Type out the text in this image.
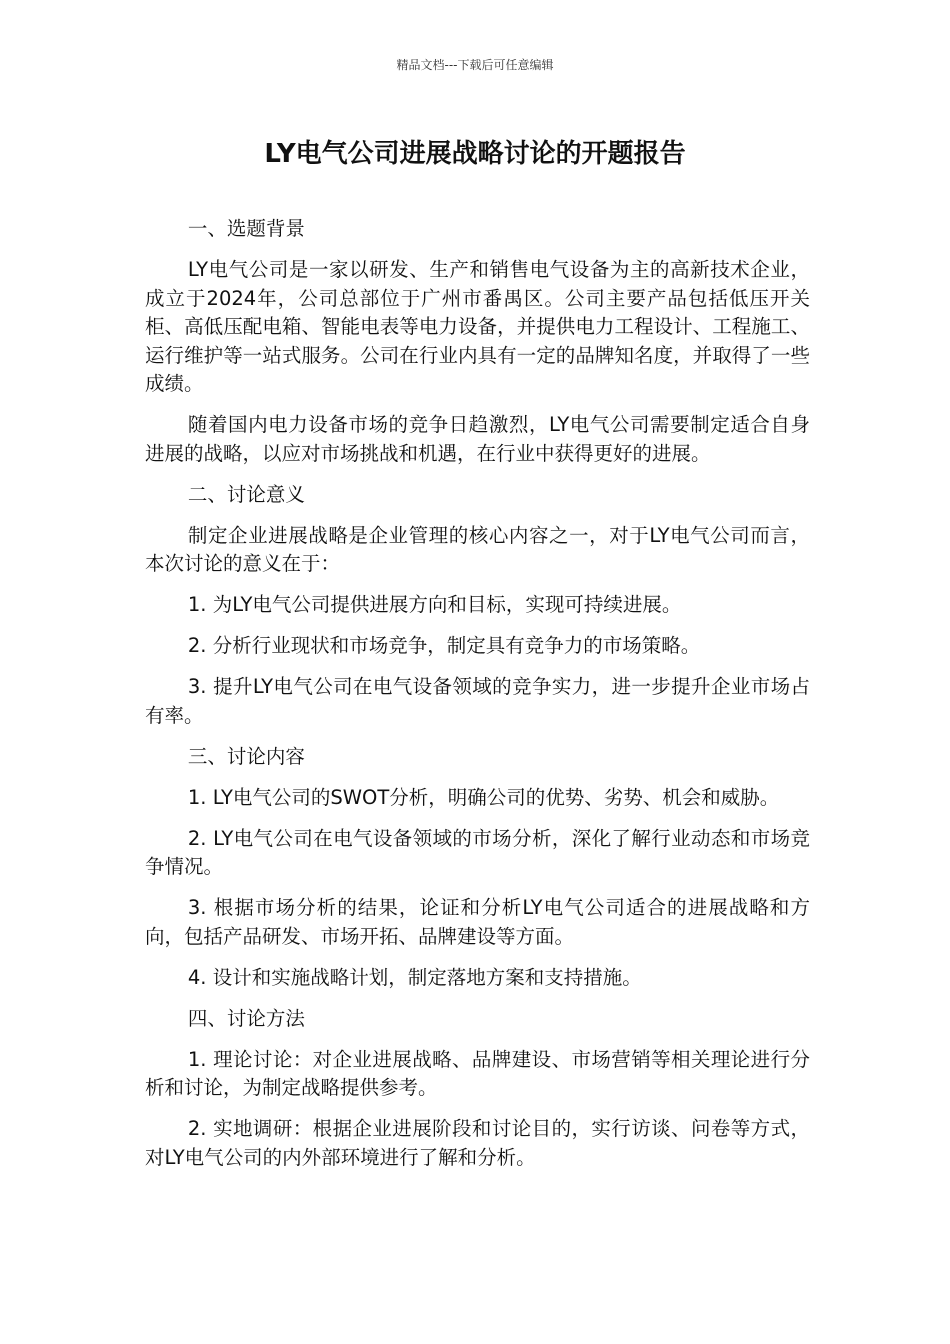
精品文档---下载后可任意编辑
LY电气公司进展战略讨论的开题报告

一、选题背景

LY电气公司是一家以研发、生产和销售电气设备为主的高新技术企业，成立于2024年，公司总部位于广州市番禺区。公司主要产品包括低压开关柜、高低压配电箱、智能电表等电力设备，并提供电力工程设计、工程施工、运行维护等一站式服务。公司在行业内具有一定的品牌知名度，并取得了一些成绩。

随着国内电力设备市场的竞争日趋激烈，LY电气公司需要制定适合自身进展的战略，以应对市场挑战和机遇，在行业中获得更好的进展。

二、讨论意义

制定企业进展战略是企业管理的核心内容之一，对于LY电气公司而言，本次讨论的意义在于：

1. 为LY电气公司提供进展方向和目标，实现可持续进展。

2. 分析行业现状和市场竞争，制定具有竞争力的市场策略。

3. 提升LY电气公司在电气设备领域的竞争实力，进一步提升企业市场占有率。

三、讨论内容

1. LY电气公司的SWOT分析，明确公司的优势、劣势、机会和威胁。

2. LY电气公司在电气设备领域的市场分析，深化了解行业动态和市场竞争情况。

3. 根据市场分析的结果，论证和分析LY电气公司适合的进展战略和方向，包括产品研发、市场开拓、品牌建设等方面。

4. 设计和实施战略计划，制定落地方案和支持措施。

四、讨论方法

1. 理论讨论：对企业进展战略、品牌建设、市场营销等相关理论进行分析和讨论，为制定战略提供参考。

2. 实地调研：根据企业进展阶段和讨论目的，实行访谈、问卷等方式，对LY电气公司的内外部环境进行了解和分析。
